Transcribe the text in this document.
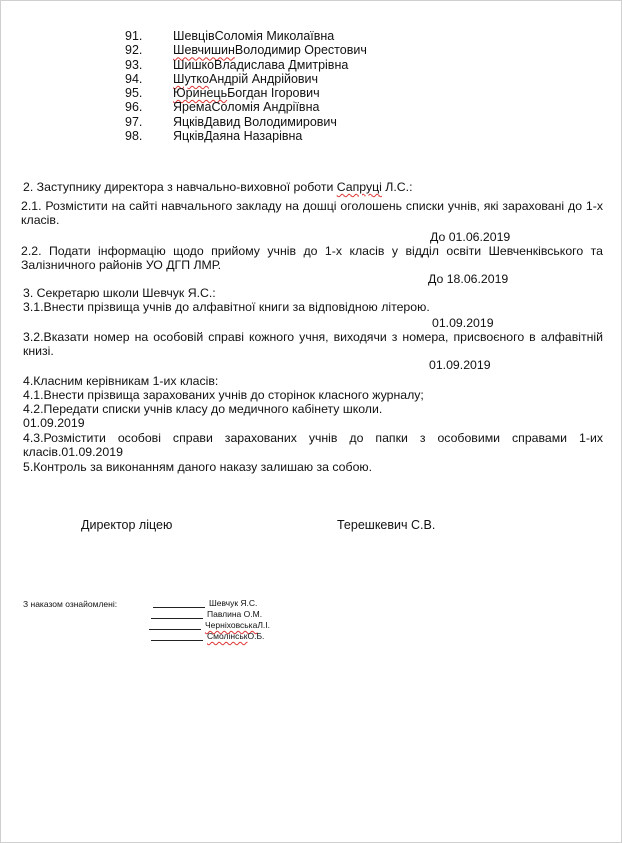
91.	Шевців Соломія Миколаївна
92.	Шевчишин Володимир Орестович
93.	Шишко Владислава Дмитрівна
94.	Шутко Андрій Андрійович
95.	Юринець Богдан Ігорович
96.	Ярема Соломія Андріївна
97.	Яцків Давид Володимирович
98.	Яцків Даяна Назарівна
2. Заступнику директора з навчально-виховної роботи Сапруці Л.С.:
2.1. Розмістити на сайті навчального закладу на дошці оголошень списки учнів, які зараховані до 1-х класів.
До 01.06.2019
2.2. Подати інформацію щодо прийому учнів до 1-х класів у відділ освіти Шевченківського та Залізничного районів УО ДГП ЛМР.
До 18.06.2019
3. Секретарю школи Шевчук Я.С.:
3.1.Внести прізвища учнів до алфавітної книги за відповідною літерою.
01.09.2019
3.2.Вказати номер на особовій справі кожного учня, виходячи з номера, присвоєного в алфавітній книзі.
01.09.2019
4.Класним керівникам 1-их класів:
4.1.Внести прізвища зарахованих учнів до сторінок класного журналу;
4.2.Передати списки учнів класу до медичного кабінету школи.
01.09.2019
4.3.Розмістити особові справи зарахованих учнів до папки з особовими справами 1-их класів.01.09.2019
5.Контроль за виконанням даного наказу залишаю за собою.
Директор ліцею	Терешкевич С.В.
З наказом ознайомлені:	Шевчук Я.С.
Павлина О.М.
Черніховська Л.І.
Смолінськ О.Б.
